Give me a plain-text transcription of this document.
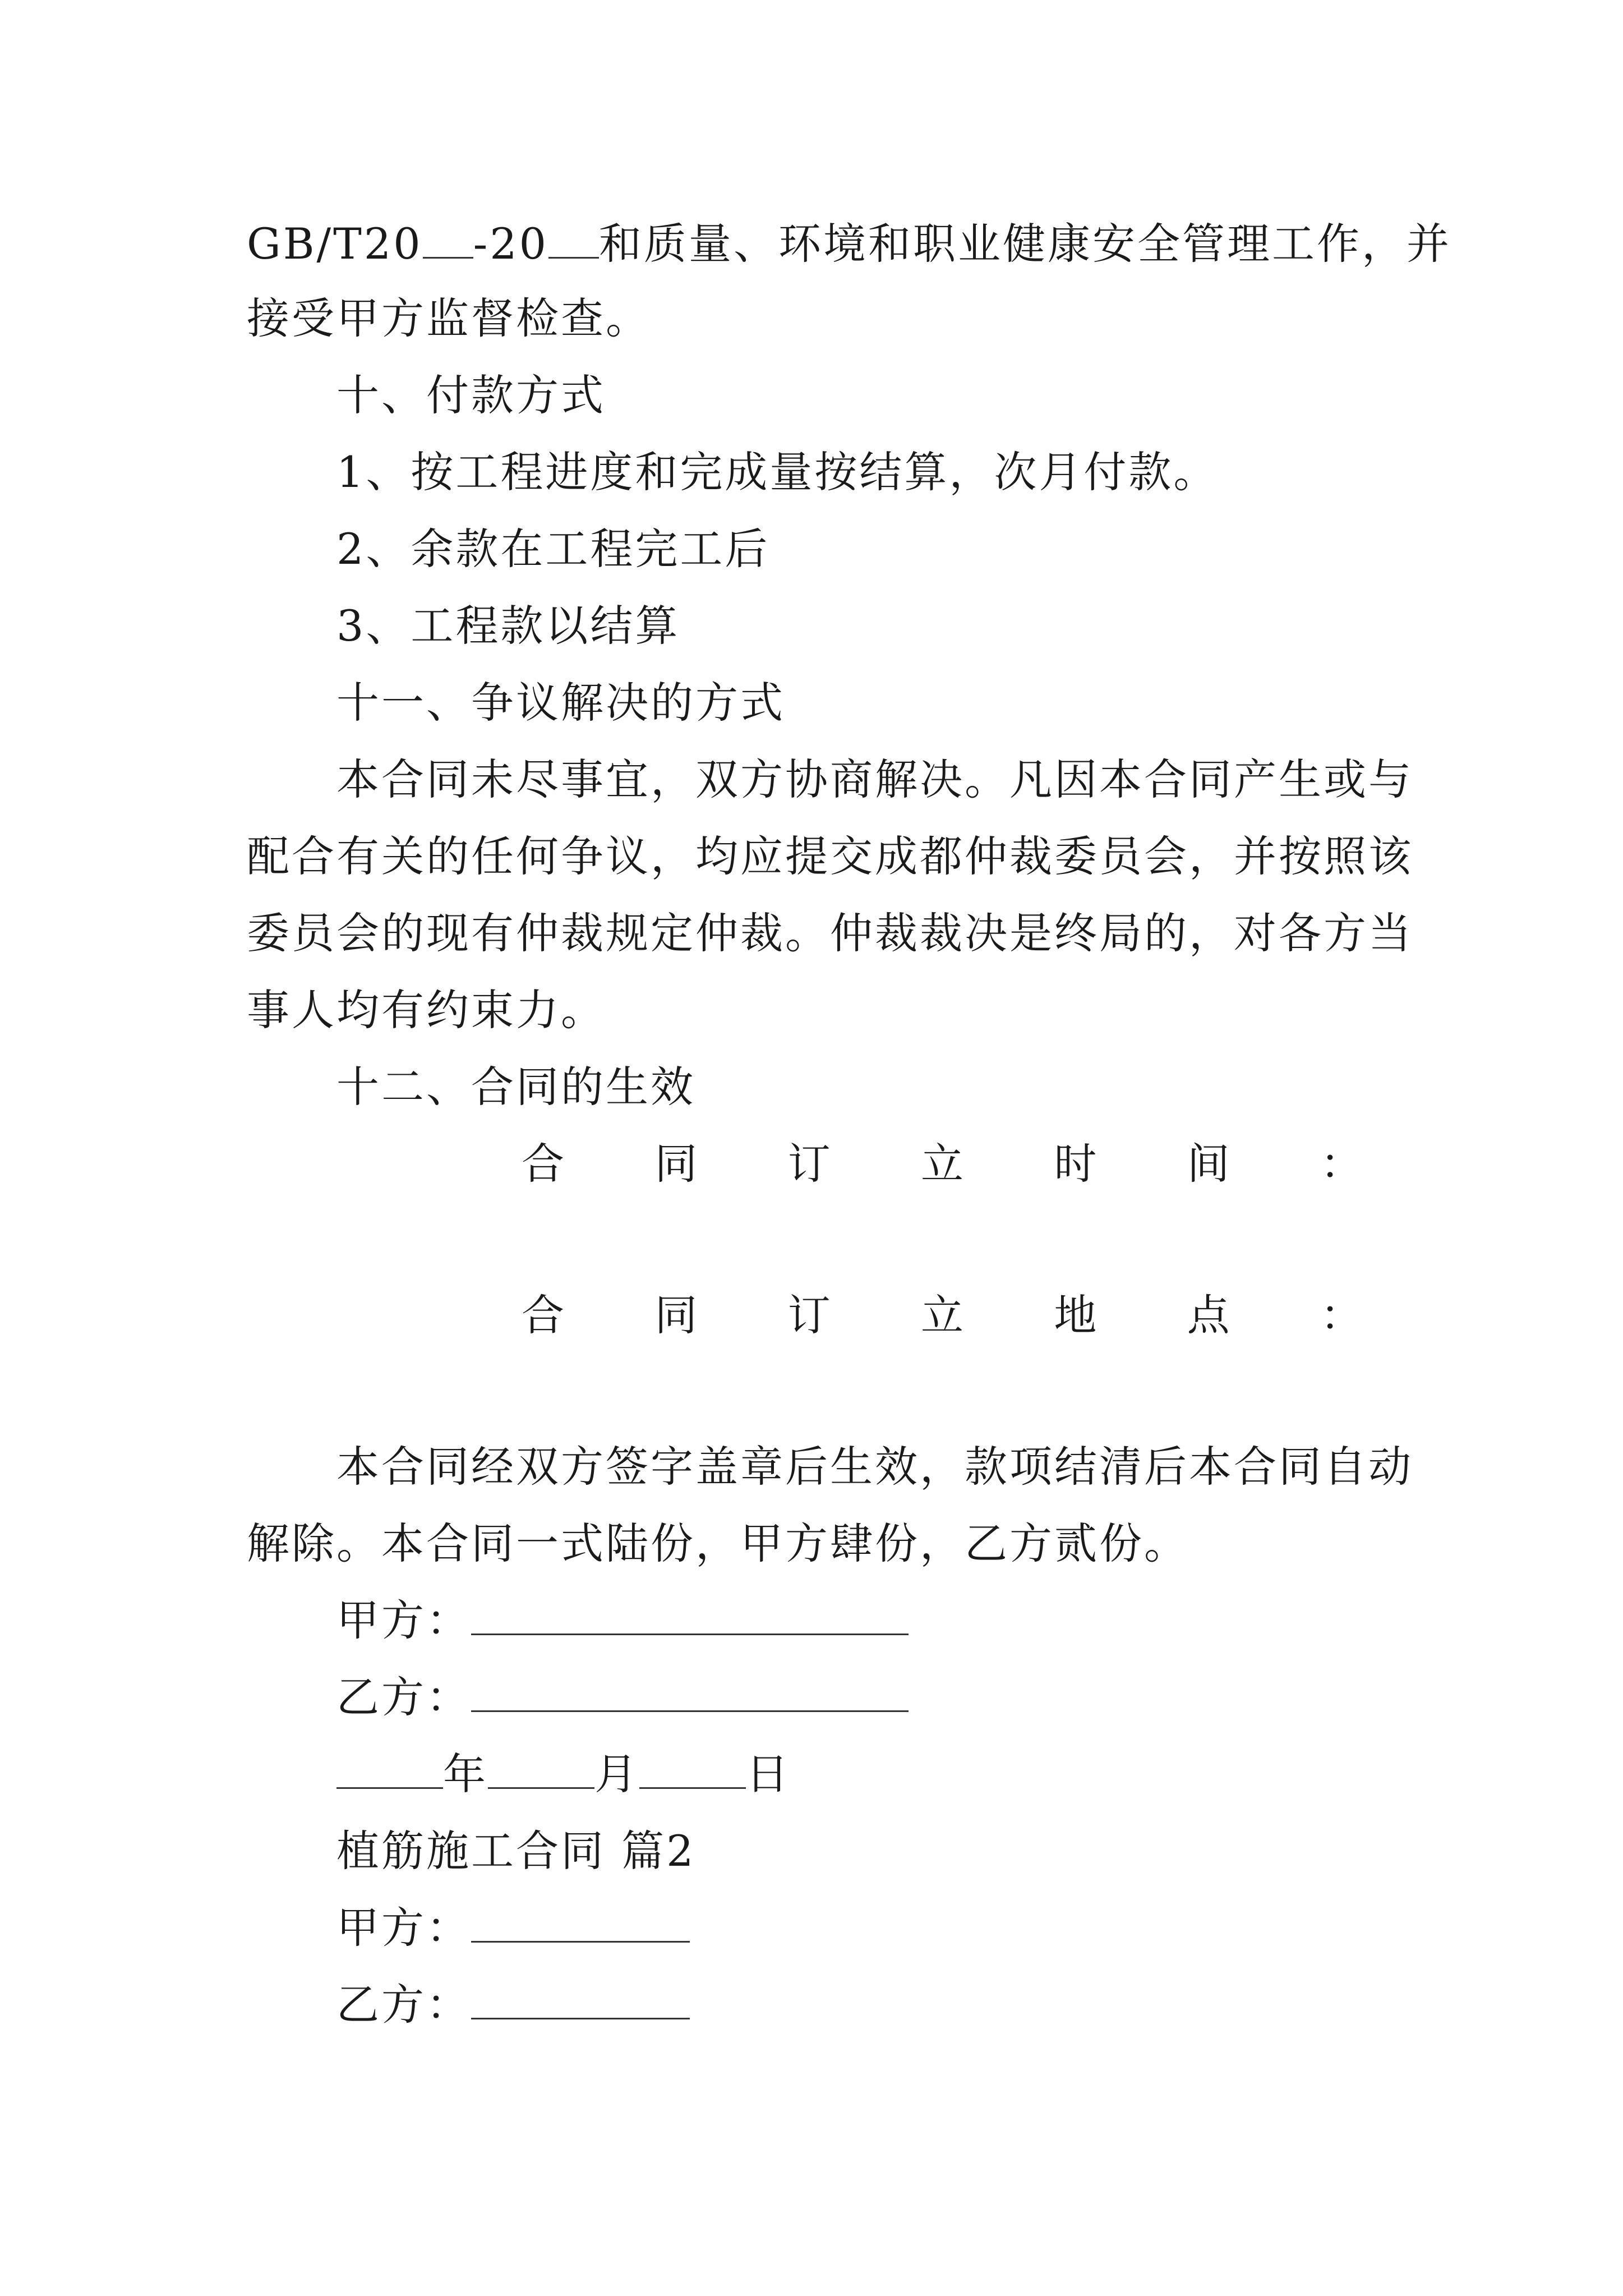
GB/T20 -20 和质量、环境和职业健康安全管理工作，并
接受甲方监督检查。
十、付款方式
1、按工程进度和完成量按结算，次月付款。
2、余款在工程完工后
3、工程款以结算
十一、争议解决的方式
本合同未尽事宜，双方协商解决。凡因本合同产生或与
配合有关的任何争议，均应提交成都仲裁委员会，并按照该
委员会的现有仲裁规定仲裁。仲裁裁决是终局的，对各方当
事人均有约束力。
十二、合同的生效
合 同 订 立 时 间 ：
合 同 订 立 地 点 ：
本合同经双方签字盖章后生效，款项结清后本合同自动
解除。本合同一式陆份，甲方肆份，乙方贰份。
甲方：
乙方：
年	月	日
植筋施工合同 篇2
甲方：
乙方：
